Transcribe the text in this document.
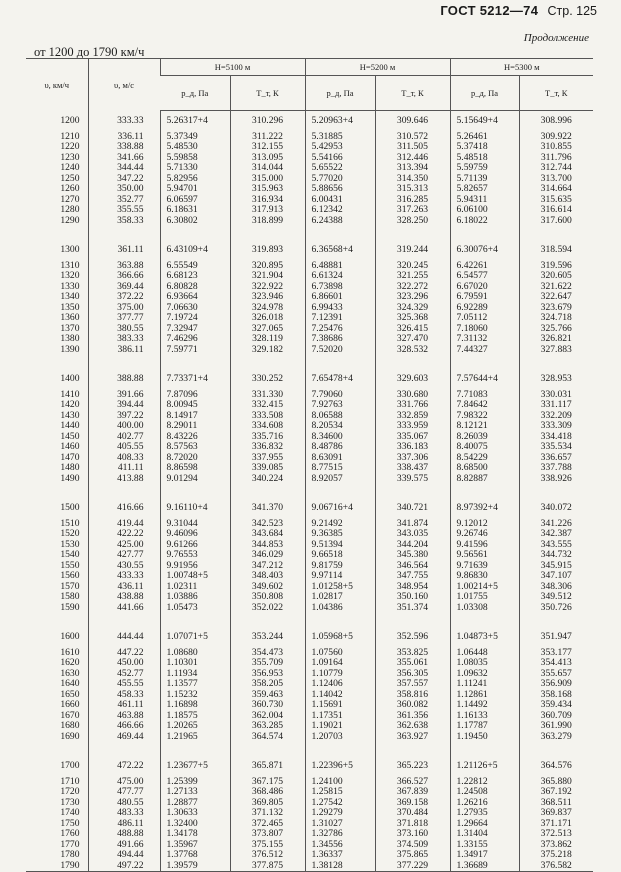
ГОСТ 5212—74 Стр. 125
Продолжение
от 1200 до 1790 км/ч
υ, км/ч	υ, м/с	H=5100 м		H=5200 м		H=5300 м	
		p_д, Па	T_т, К	p_д, Па	T_т, К	p_д, Па	T_т, К
1200	333.33	5.26317+4	310.296	5.20963+4	309.646	5.15649+4	308.996
1210	336.11	5.37349	311.222	5.31885	310.572	5.26461	309.922
1220	338.88	5.48530	312.155	5.42953	311.505	5.37418	310.855
1230	341.66	5.59858	313.095	5.54166	312.446	5.48518	311.796
1240	344.44	5.71330	314.044	5.65522	313.394	5.59759	312.744
1250	347.22	5.82956	315.000	5.77020	314.350	5.71139	313.700
1260	350.00	5.94701	315.963	5.88656	315.313	5.82657	314.664
1270	352.77	6.06597	316.934	6.00431	316.285	5.94311	315.635
1280	355.55	6.18631	317.913	6.12342	317.263	6.06100	316.614
1290	358.33	6.30802	318.899	6.24388	328.250	6.18022	317.600

1300	361.11	6.43109+4	319.893	6.36568+4	319.244	6.30076+4	318.594
1310	363.88	6.55549	320.895	6.48881	320.245	6.42261	319.596
1320	366.66	6.68123	321.904	6.61324	321.255	6.54577	320.605
1330	369.44	6.80828	322.922	6.73898	322.272	6.67020	321.622
1340	372.22	6.93664	323.946	6.86601	323.296	6.79591	322.647
1350	375.00	7.06630	324.978	6.99433	324.329	6.92289	323.679
1360	377.77	7.19724	326.018	7.12391	325.368	7.05112	324.718
1370	380.55	7.32947	327.065	7.25476	326.415	7.18060	325.766
1380	383.33	7.46296	328.119	7.38686	327.470	7.31132	326.821
1390	386.11	7.59771	329.182	7.52020	328.532	7.44327	327.883

1400	388.88	7.73371+4	330.252	7.65478+4	329.603	7.57644+4	328.953
1410	391.66	7.87096	331.330	7.79060	330.680	7.71083	330.031
1420	394.44	8.00945	332.415	7.92763	331.766	7.84642	331.117
1430	397.22	8.14917	333.508	8.06588	332.859	7.98322	332.209
1440	400.00	8.29011	334.608	8.20534	333.959	8.12121	333.309
1450	402.77	8.43226	335.716	8.34600	335.067	8.26039	334.418
1460	405.55	8.57563	336.832	8.48786	336.183	8.40075	335.534
1470	408.33	8.72020	337.955	8.63091	337.306	8.54229	336.657
1480	411.11	8.86598	339.085	8.77515	338.437	8.68500	337.788
1490	413.88	9.01294	340.224	8.92057	339.575	8.82887	338.926

1500	416.66	9.16110+4	341.370	9.06716+4	340.721	8.97392+4	340.072
1510	419.44	9.31044	342.523	9.21492	341.874	9.12012	341.226
1520	422.22	9.46096	343.684	9.36385	343.035	9.26746	342.387
1530	425.00	9.61266	344.853	9.51394	344.204	9.41596	343.555
1540	427.77	9.76553	346.029	9.66518	345.380	9.56561	344.732
1550	430.55	9.91956	347.212	9.81759	346.564	9.71639	345.915
1560	433.33	1.00748+5	348.403	9.97114	347.755	9.86830	347.107
1570	436.11	1.02311	349.602	1.01258+5	348.954	1.00214+5	348.306
1580	438.88	1.03886	350.808	1.02817	350.160	1.01755	349.512
1590	441.66	1.05473	352.022	1.04386	351.374	1.03308	350.726

1600	444.44	1.07071+5	353.244	1.05968+5	352.596	1.04873+5	351.947
1610	447.22	1.08680	354.473	1.07560	353.825	1.06448	353.177
1620	450.00	1.10301	355.709	1.09164	355.061	1.08035	354.413
1630	452.77	1.11934	356.953	1.10779	356.305	1.09632	355.657
1640	455.55	1.13577	358.205	1.12406	357.557	1.11241	356.909
1650	458.33	1.15232	359.463	1.14042	358.816	1.12861	358.168
1660	461.11	1.16898	360.730	1.15691	360.082	1.14492	359.434
1670	463.88	1.18575	362.004	1.17351	361.356	1.16133	360.709
1680	466.66	1.20265	363.285	1.19021	362.638	1.17787	361.990
1690	469.44	1.21965	364.574	1.20703	363.927	1.19450	363.279

1700	472.22	1.23677+5	365.871	1.22396+5	365.223	1.21126+5	364.576
1710	475.00	1.25399	367.175	1.24100	366.527	1.22812	365.880
1720	477.77	1.27133	368.486	1.25815	367.839	1.24508	367.192
1730	480.55	1.28877	369.805	1.27542	369.158	1.26216	368.511
1740	483.33	1.30633	371.132	1.29279	370.484	1.27935	369.837
1750	486.11	1.32400	372.465	1.31027	371.818	1.29664	371.171
1760	488.88	1.34178	373.807	1.32786	373.160	1.31404	372.513
1770	491.66	1.35967	375.155	1.34556	374.509	1.33155	373.862
1780	494.44	1.37768	376.512	1.36337	375.865	1.34917	375.218
1790	497.22	1.39579	377.875	1.38128	377.229	1.36689	376.582
